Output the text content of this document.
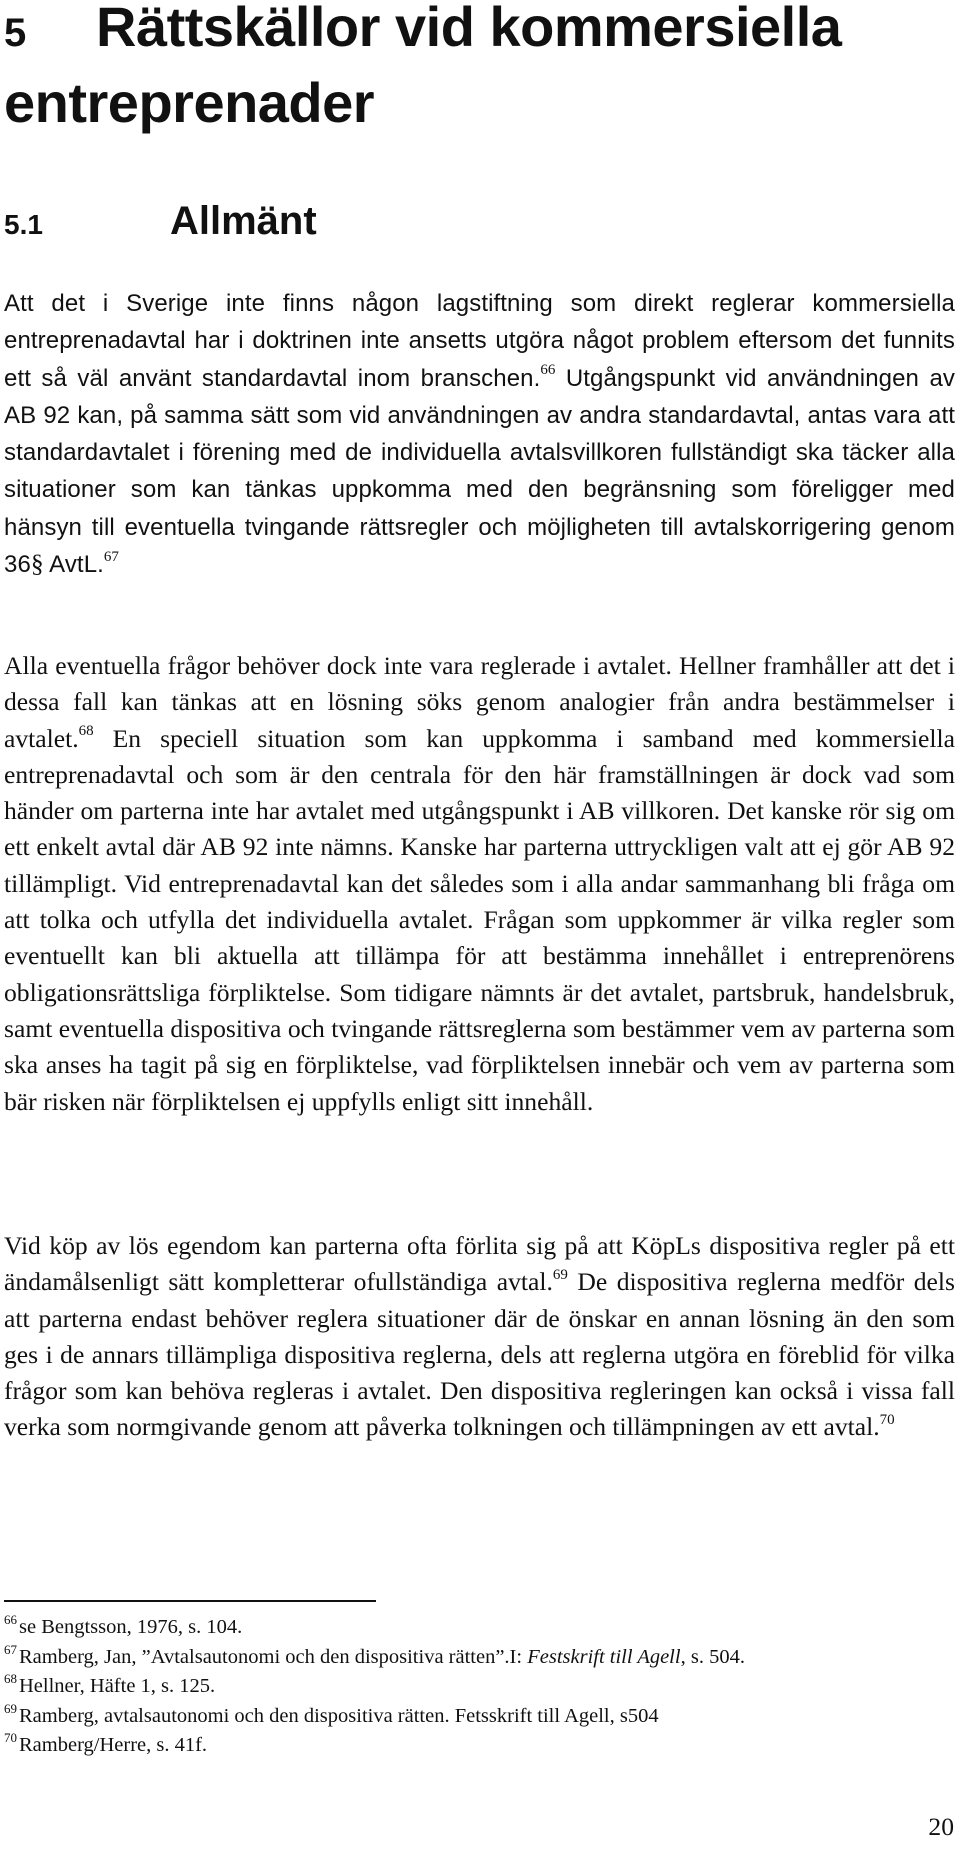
5 Rättskällor vid kommersiella entreprenader
5.1	Allmänt

Att det i Sverige inte finns någon lagstiftning som direkt reglerar kommersiella entreprenadavtal har i doktrinen inte ansetts utgöra något problem eftersom det funnits ett så väl använt standardavtal inom branschen.$^{66}$ Utgångspunkt vid användningen av AB 92 kan, på samma sätt som vid användningen av andra standardavtal, antas vara att standardavtalet i förening med de individuella avtalsvillkoren fullständigt ska täcker alla situationer som kan tänkas uppkomma med den begränsning som föreligger med hänsyn till eventuella tvingande rättsregler och möjligheten till avtalskorrigering genom 36§ AvtL.$^{67}$

Alla eventuella frågor behöver dock inte vara reglerade i avtalet. Hellner framhåller att det i dessa fall kan tänkas att en lösning söks genom analogier från andra bestämmelser i avtalet.$^{68}$ En speciell situation som kan uppkomma i samband med kommersiella entreprenadavtal och som är den centrala för den här framställningen är dock vad som händer om parterna inte har avtalet med utgångspunkt i AB villkoren. Det kanske rör sig om ett enkelt avtal där AB 92 inte nämns. Kanske har parterna uttryckligen valt att ej gör AB 92 tillämpligt. Vid entreprenadavtal kan det således som i alla andar sammanhang bli fråga om att tolka och utfylla det individuella avtalet. Frågan som uppkommer är vilka regler som eventuellt kan bli aktuella att tillämpa för att bestämma innehållet i entreprenörens obligationsrättsliga förpliktelse. Som tidigare nämnts är det avtalet, partsbruk, handelsbruk, samt eventuella dispositiva och tvingande rättsreglerna som bestämmer vem av parterna som ska anses ha tagit på sig en förpliktelse, vad förpliktelsen innebär och vem av parterna som bär risken när förpliktelsen ej uppfylls enligt sitt innehåll.

Vid köp av lös egendom kan parterna ofta förlita sig på att KöpLs dispositiva regler på ett ändamålsenligt sätt kompletterar ofullständiga avtal.$^{69}$ De dispositiva reglerna medför dels att parterna endast behöver reglera situationer där de önskar en annan lösning än den som ges i de annars tillämpliga dispositiva reglerna, dels att reglerna utgöra en föreblid för vilka frågor som kan behöva regleras i avtalet. Den dispositiva regleringen kan också i vissa fall verka som normgivande genom att påverka tolkningen och tillämpningen av ett avtal.$^{70}$

$^{66}$se Bengtsson, 1976, s. 104.
$^{67}$Ramberg, Jan, ”Avtalsautonomi och den dispositiva rätten”.I: Festskrift till Agell, s. 504.
$^{68}$Hellner, Häfte 1, s. 125.
$^{69}$Ramberg, avtalsautonomi och den dispositiva rätten. Fetsskrift till Agell, s504
$^{70}$Ramberg/Herre, s. 41f.
20
